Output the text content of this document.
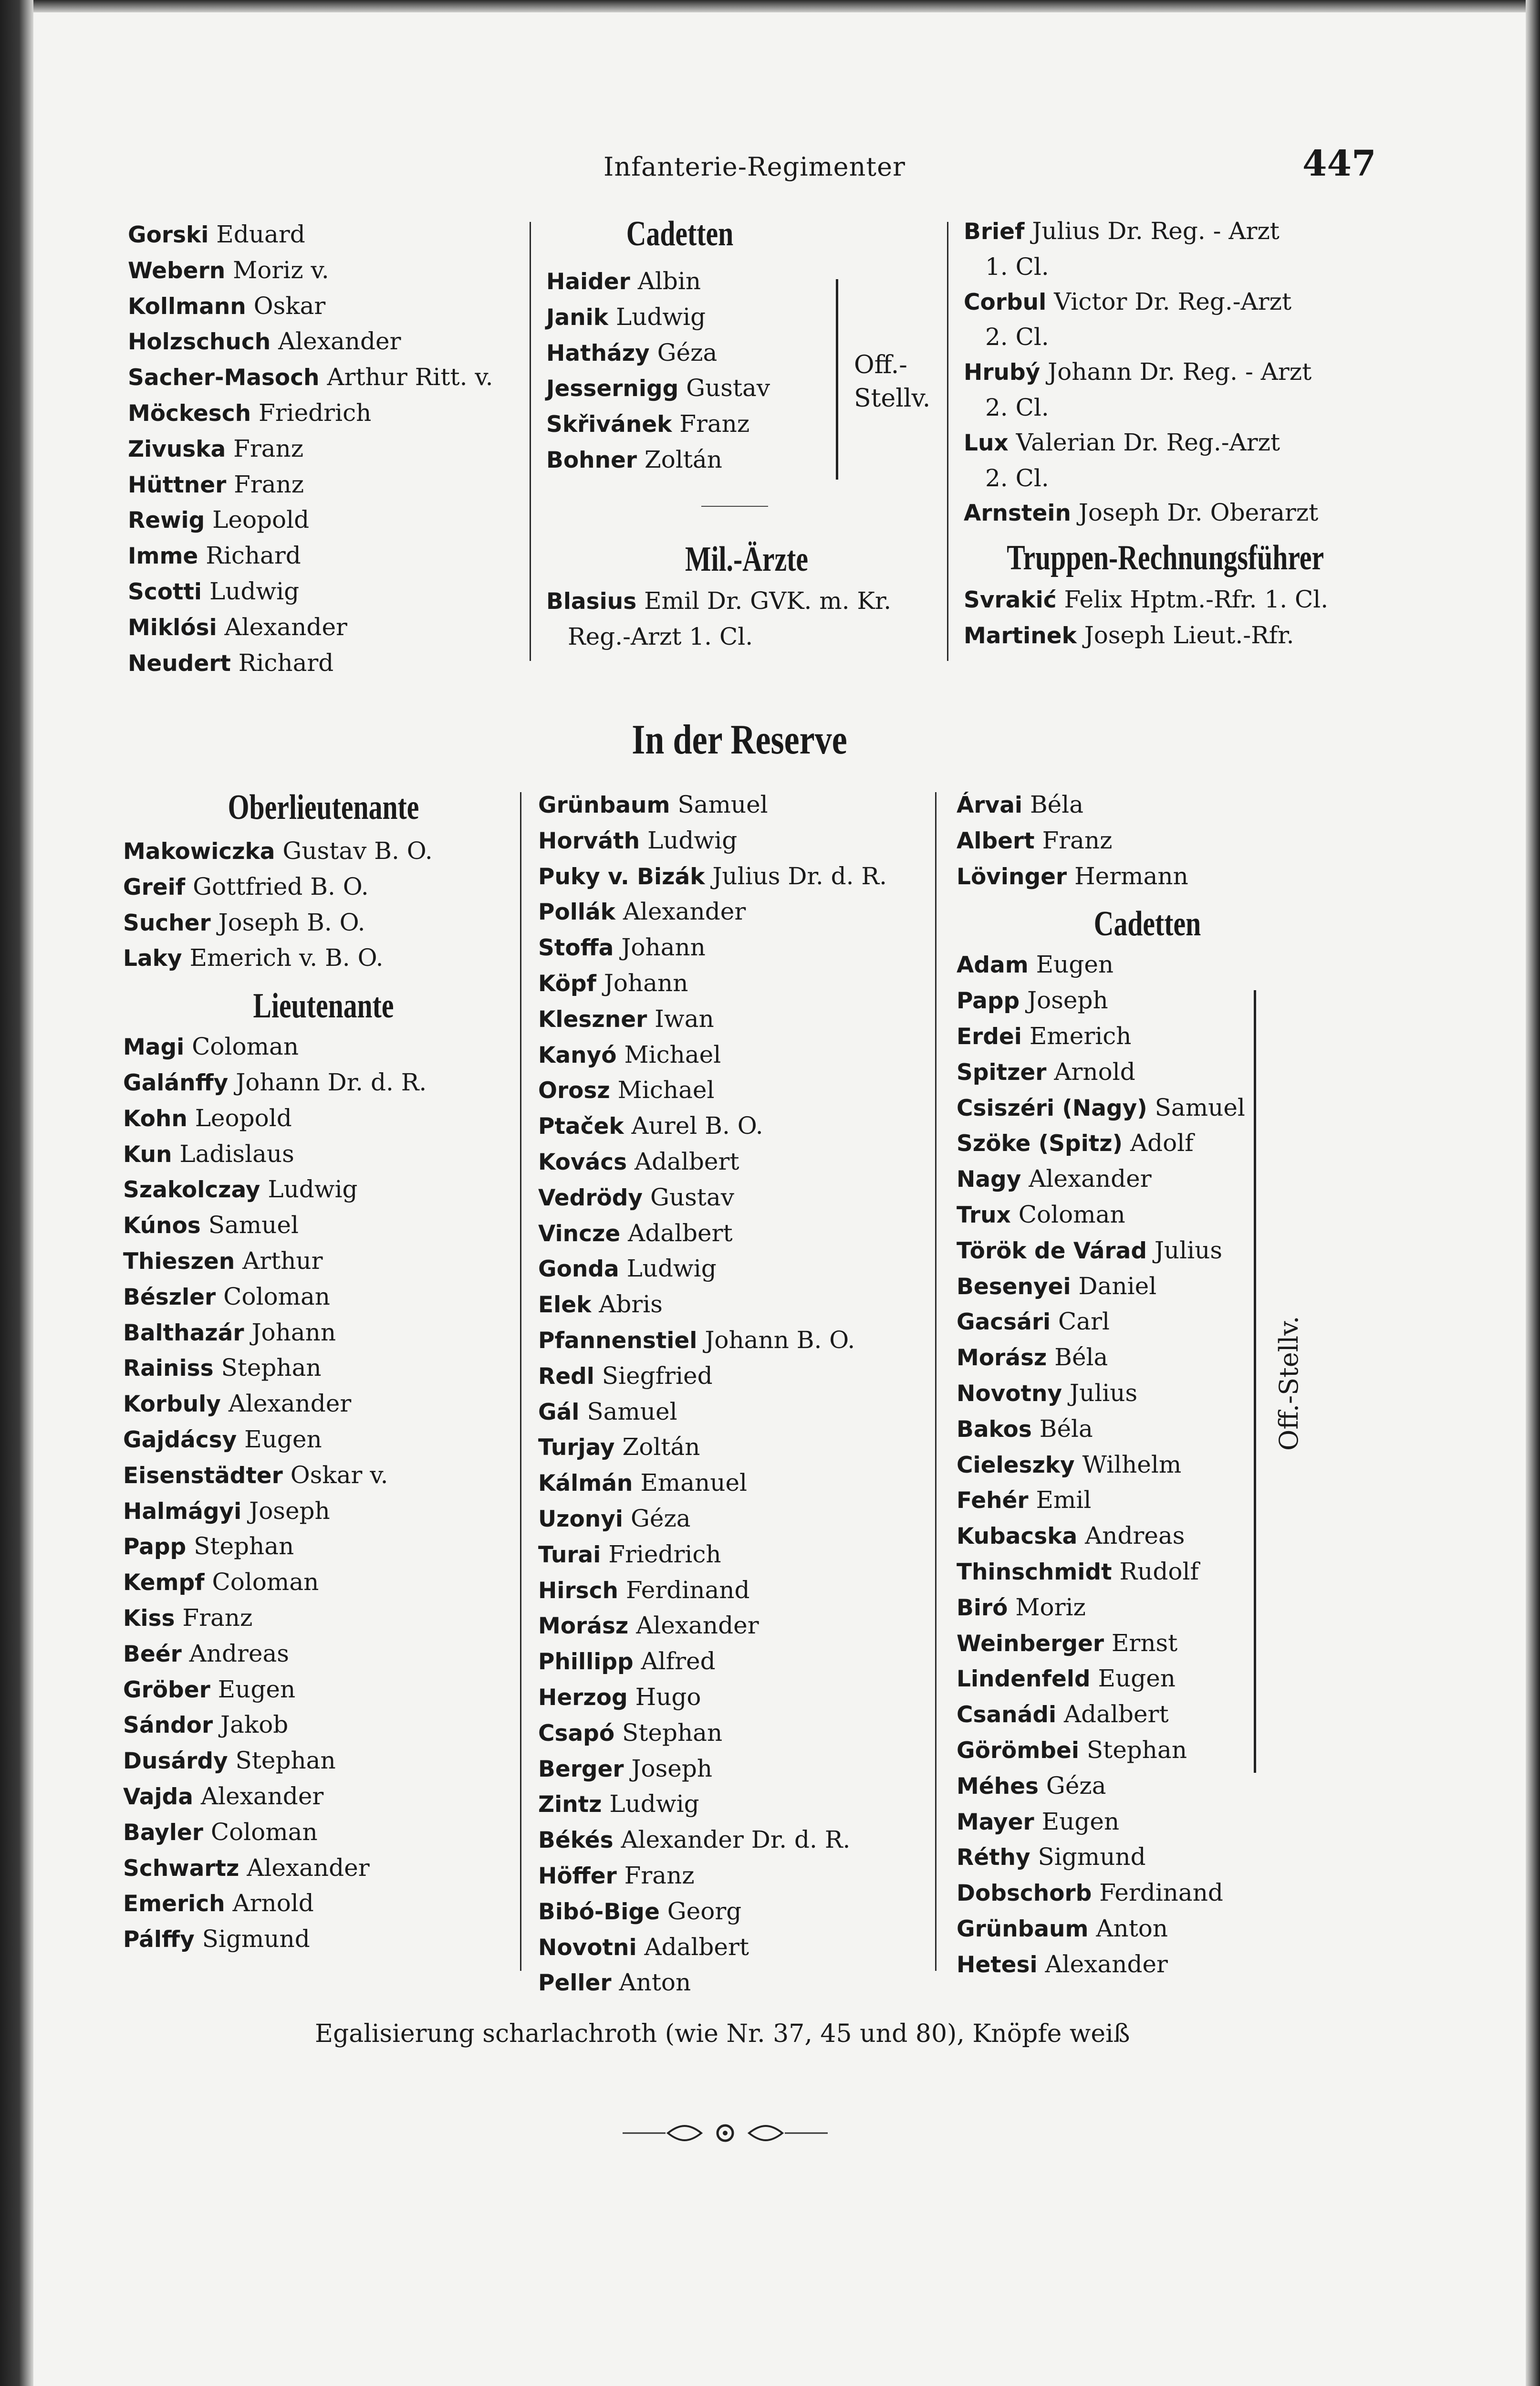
Infanterie-Regimenter	447
Gorski Eduard
Webern Moriz v.
Kollmann Oskar
Holzschuch Alexander
Sacher-Masoch Arthur Ritt. v.
Möckesch Friedrich
Zivuska Franz
Hüttner Franz
Rewig Leopold
Imme Richard
Scotti Ludwig
Miklósi Alexander
Neudert Richard
Cadetten
Haider Albin
Janik Ludwig
Hatházy Géza
Jessernigg Gustav
Skřivánek Franz
Bohner Zoltán
Off.-
Stellv.
Mil.-Ärzte
Blasius Emil Dr. GVK. m. Kr.
Reg.-Arzt 1. Cl.
Brief Julius Dr. Reg. - Arzt
1. Cl.
Corbul Victor Dr. Reg.-Arzt
2. Cl.
Hrubý Johann Dr. Reg. - Arzt
2. Cl.
Lux Valerian Dr. Reg.-Arzt
2. Cl.
Arnstein Joseph Dr. Oberarzt
Truppen-Rechnungsführer
Svrakić Felix Hptm.-Rfr. 1. Cl.
Martinek Joseph Lieut.-Rfr.
In der Reserve
Oberlieutenante
Makowiczka Gustav B. O.
Greif Gottfried B. O.
Sucher Joseph B. O.
Laky Emerich v. B. O.
Lieutenante
Magi Coloman
Galánffy Johann Dr. d. R.
Kohn Leopold
Kun Ladislaus
Szakolczay Ludwig
Kúnos Samuel
Thieszen Arthur
Bészler Coloman
Balthazár Johann
Rainiss Stephan
Korbuly Alexander
Gajdácsy Eugen
Eisenstädter Oskar v.
Halmágyi Joseph
Papp Stephan
Kempf Coloman
Kiss Franz
Beér Andreas
Gröber Eugen
Sándor Jakob
Dusárdy Stephan
Vajda Alexander
Bayler Coloman
Schwartz Alexander
Emerich Arnold
Pálffy Sigmund
Grünbaum Samuel
Horváth Ludwig
Puky v. Bizák Julius Dr. d. R.
Pollák Alexander
Stoffa Johann
Köpf Johann
Kleszner Iwan
Kanyó Michael
Orosz Michael
Ptaček Aurel B. O.
Kovács Adalbert
Vedrödy Gustav
Vincze Adalbert
Gonda Ludwig
Elek Abris
Pfannenstiel Johann B. O.
Redl Siegfried
Gál Samuel
Turjay Zoltán
Kálmán Emanuel
Uzonyi Géza
Turai Friedrich
Hirsch Ferdinand
Morász Alexander
Phillipp Alfred
Herzog Hugo
Csapó Stephan
Berger Joseph
Zintz Ludwig
Békés Alexander Dr. d. R.
Höffer Franz
Bibó-Bige Georg
Novotni Adalbert
Peller Anton
Árvai Béla
Albert Franz
Lövinger Hermann
Cadetten
Adam Eugen
Papp Joseph
Erdei Emerich
Spitzer Arnold
Csiszéri (Nagy) Samuel
Szöke (Spitz) Adolf
Nagy Alexander
Trux Coloman
Török de Várad Julius
Besenyei Daniel
Gacsári Carl
Morász Béla
Novotny Julius
Bakos Béla
Cieleszky Wilhelm
Fehér Emil
Kubacska Andreas
Thinschmidt Rudolf
Biró Moriz
Weinberger Ernst
Lindenfeld Eugen
Csanádi Adalbert
Görömbei Stephan
Méhes Géza
Mayer Eugen
Réthy Sigmund
Dobschorb Ferdinand
Grünbaum Anton
Hetesi Alexander
Off.-Stellv.
Egalisierung scharlachroth (wie Nr. 37, 45 und 80), Knöpfe weiß
